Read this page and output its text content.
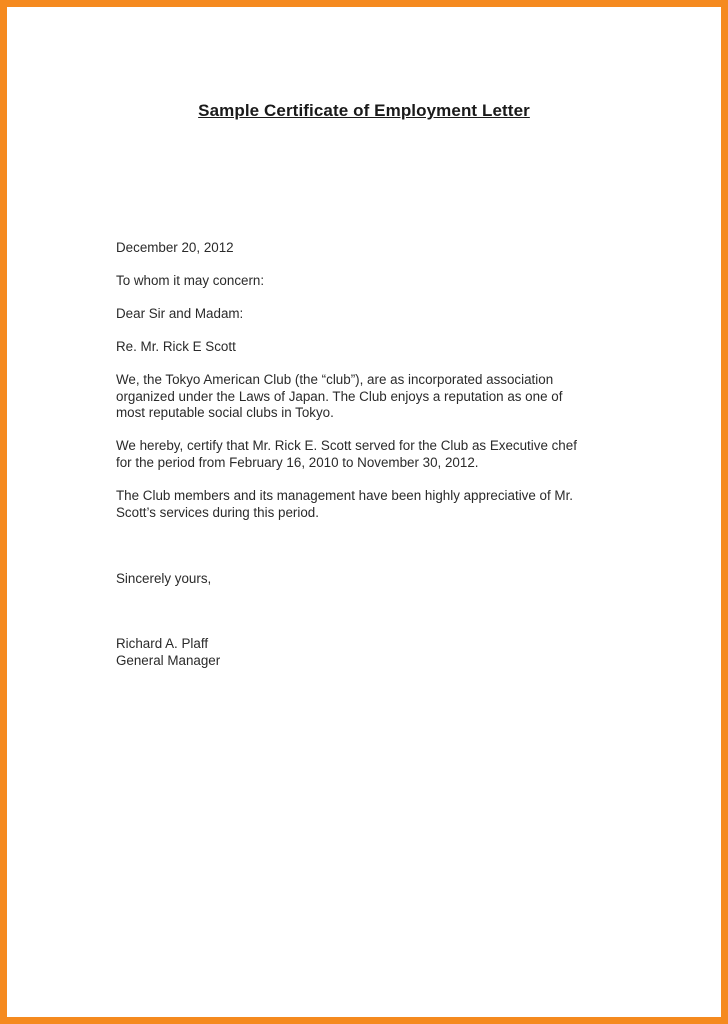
Sample Certificate of Employment Letter
December 20, 2012
To whom it may concern:
Dear Sir and Madam:
Re. Mr. Rick E Scott

We, the Tokyo American Club (the “club”), are as incorporated association
organized under the Laws of Japan. The Club enjoys a reputation as one of
most reputable social clubs in Tokyo.

We hereby, certify that Mr. Rick E. Scott served for the Club as Executive chef
for the period from February 16, 2010 to November 30, 2012.

The Club members and its management have been highly appreciative of Mr.
Scott’s services during this period.

Sincerely yours,
Richard A. Plaff
General Manager
